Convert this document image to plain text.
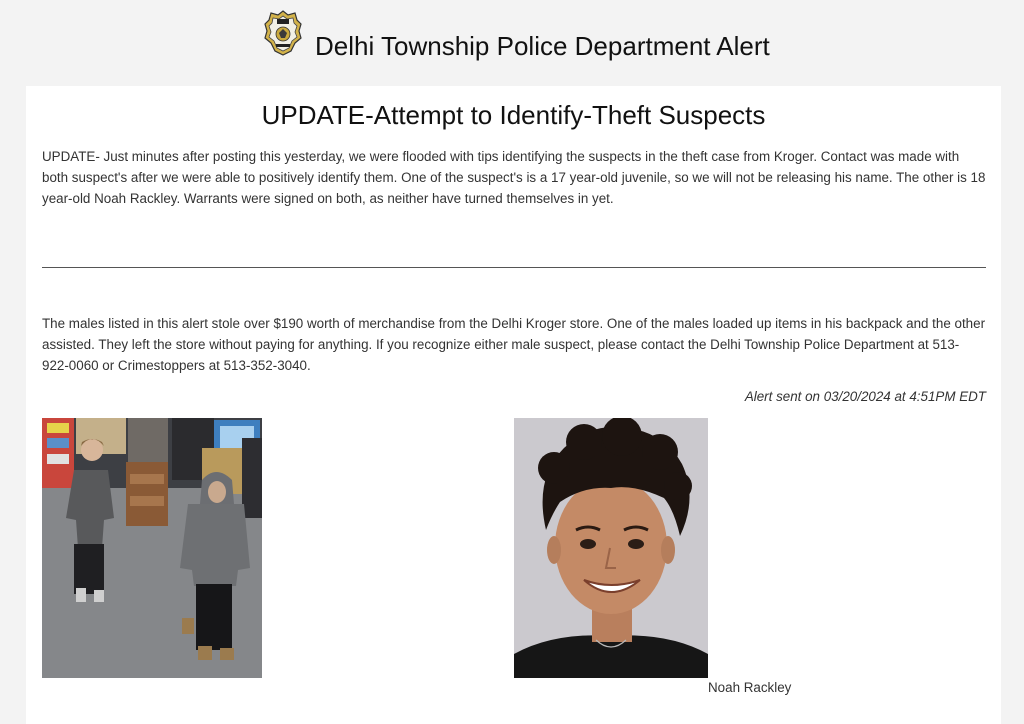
Delhi Township Police Department Alert
UPDATE-Attempt to Identify-Theft Suspects
UPDATE- Just minutes after posting this yesterday, we were flooded with tips identifying the suspects in the theft case from Kroger. Contact was made with both suspect's after we were able to positively identify them. One of the suspect's is a 17 year-old juvenile, so we will not be releasing his name. The other is 18 year-old Noah Rackley. Warrants were signed on both, as neither have turned themselves in yet.
The males listed in this alert stole over $190 worth of merchandise from the Delhi Kroger store. One of the males loaded up items in his backpack and the other assisted. They left the store without paying for anything. If you recognize either male suspect, please contact the Delhi Township Police Department at 513-922-0060 or Crimestoppers at 513-352-3040.
Alert sent on 03/20/2024 at 4:51PM EDT
Noah Rackley
